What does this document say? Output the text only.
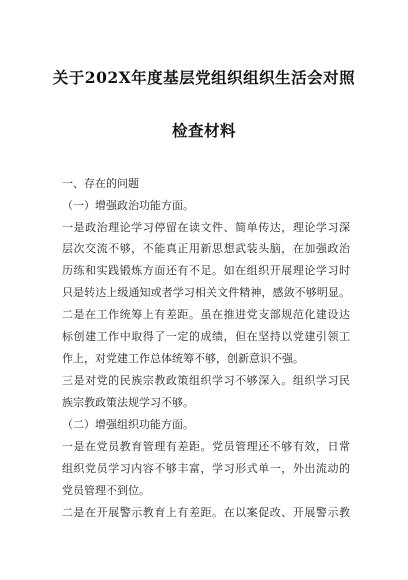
关于202X年度基层党组织组织生活会对照
检查材料
一、存在的问题
（一）增强政治功能方面。
一是政治理论学习停留在读文件、简单传达，理论学习深
层次交流不够，不能真正用新思想武装头脑，在加强政治
历练和实践锻炼方面还有不足。如在组织开展理论学习时
只是转达上级通知或者学习相关文件精神，感敛不够明显。
二是在工作统筹上有差距。虽在推进党支部规范化建设达
标创建工作中取得了一定的成绩，但在坚持以党建引领工
作上，对党建工作总体统筹不够，创新意识不强。
三是对党的民族宗教政策组织学习不够深入。组织学习民
族宗教政策法规学习不够。
（二）增强组织功能方面。
一是在党员教育管理有差距。党员管理还不够有效，日常
组织党员学习内容不够丰富，学习形式单一，外出流动的
党员管理不到位。
二是在开展警示教育上有差距。在以案促改、开展警示教
